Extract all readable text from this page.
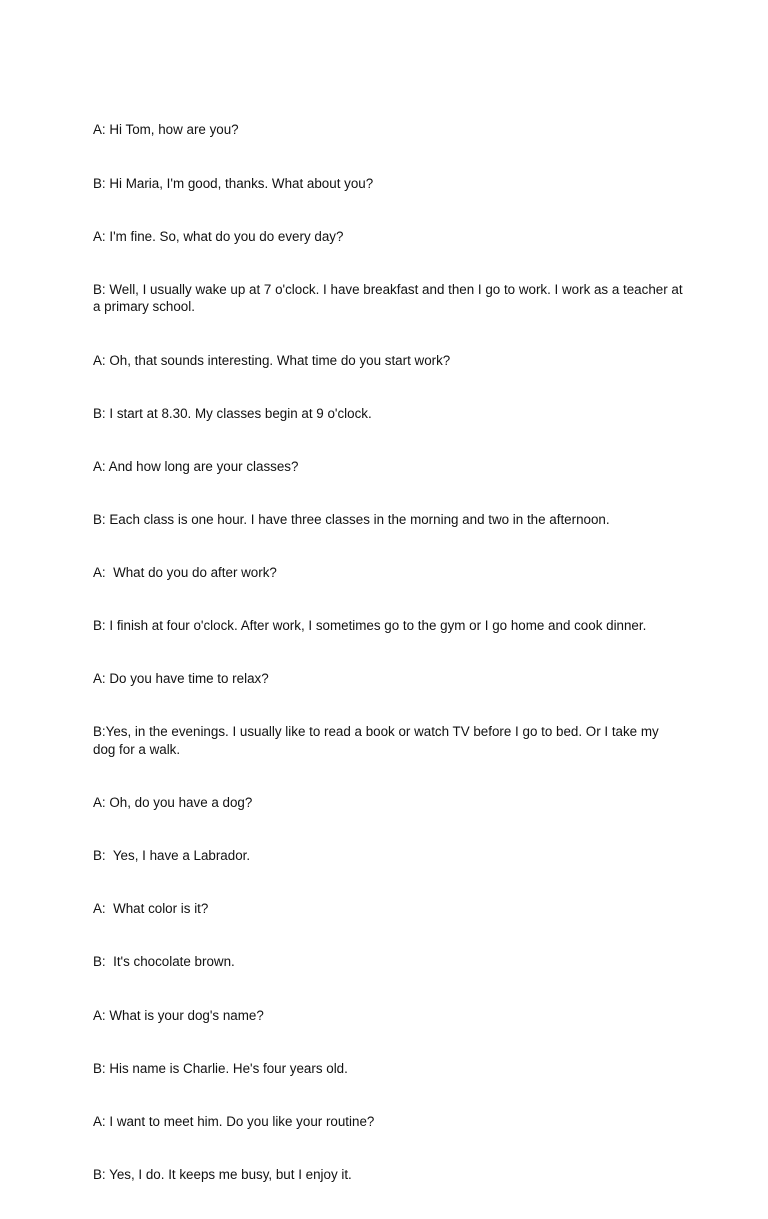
A: Hi Tom, how are you?

B: Hi Maria, I'm good, thanks. What about you?

A: I'm fine. So, what do you do every day?

B: Well, I usually wake up at 7 o'clock. I have breakfast and then I go to work. I work as a teacher at a primary school.

A: Oh, that sounds interesting. What time do you start work?

B: I start at 8.30. My classes begin at 9 o'clock.

A: And how long are your classes?

B: Each class is one hour. I have three classes in the morning and two in the afternoon.

A:  What do you do after work?

B: I finish at four o'clock. After work, I sometimes go to the gym or I go home and cook dinner.

A: Do you have time to relax?

B:Yes, in the evenings. I usually like to read a book or watch TV before I go to bed. Or I take my dog for a walk.

A: Oh, do you have a dog?

B:  Yes, I have a Labrador.

A:  What color is it?

B:  It's chocolate brown.

A: What is your dog's name?

B: His name is Charlie. He's four years old.

A: I want to meet him. Do you like your routine?

B: Yes, I do. It keeps me busy, but I enjoy it.
